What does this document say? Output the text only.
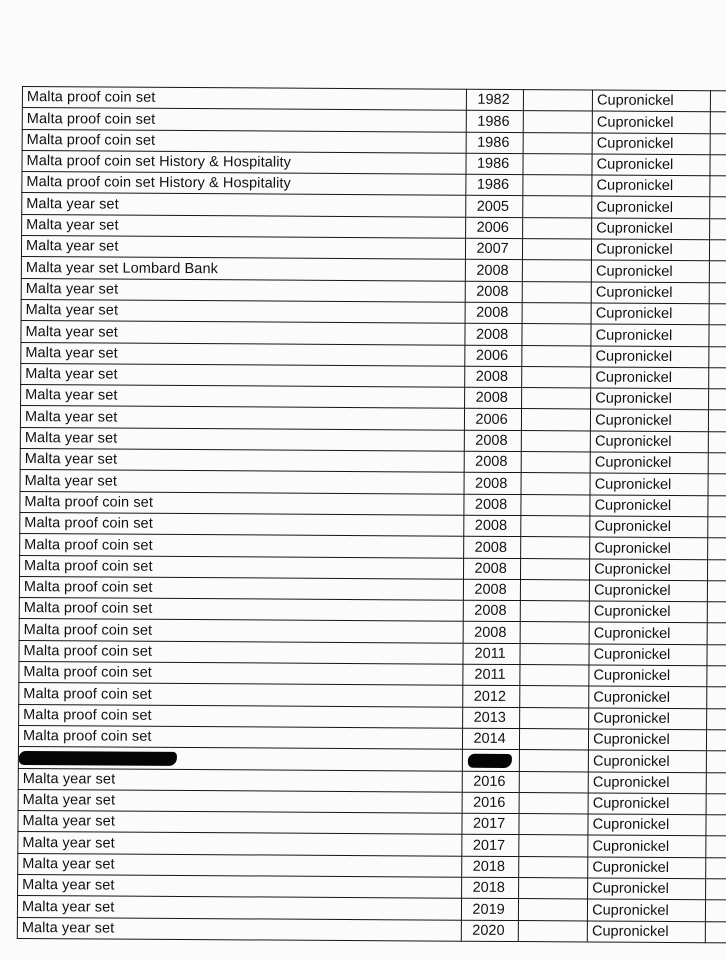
Malta proof coin set	1982		Cupronickel	
Malta proof coin set	1986		Cupronickel	
Malta proof coin set	1986		Cupronickel	
Malta proof coin set History & Hospitality	1986		Cupronickel	
Malta proof coin set History & Hospitality	1986		Cupronickel	
Malta year set	2005		Cupronickel	
Malta year set	2006		Cupronickel	
Malta year set	2007		Cupronickel	
Malta year set Lombard Bank	2008		Cupronickel	
Malta year set	2008		Cupronickel	
Malta year set	2008		Cupronickel	
Malta year set	2008		Cupronickel	
Malta year set	2006		Cupronickel	
Malta year set	2008		Cupronickel	
Malta year set	2008		Cupronickel	
Malta year set	2006		Cupronickel	
Malta year set	2008		Cupronickel	
Malta year set	2008		Cupronickel	
Malta year set	2008		Cupronickel	
Malta proof coin set	2008		Cupronickel	
Malta proof coin set	2008		Cupronickel	
Malta proof coin set	2008		Cupronickel	
Malta proof coin set	2008		Cupronickel	
Malta proof coin set	2008		Cupronickel	
Malta proof coin set	2008		Cupronickel	
Malta proof coin set	2008		Cupronickel	
Malta proof coin set	2011		Cupronickel	
Malta proof coin set	2011		Cupronickel	
Malta proof coin set	2012		Cupronickel	
Malta proof coin set	2013		Cupronickel	
Malta proof coin set	2014		Cupronickel	
			Cupronickel	
Malta year set	2016		Cupronickel	
Malta year set	2016		Cupronickel	
Malta year set	2017		Cupronickel	
Malta year set	2017		Cupronickel	
Malta year set	2018		Cupronickel	
Malta year set	2018		Cupronickel	
Malta year set	2019		Cupronickel	
Malta year set	2020		Cupronickel	
